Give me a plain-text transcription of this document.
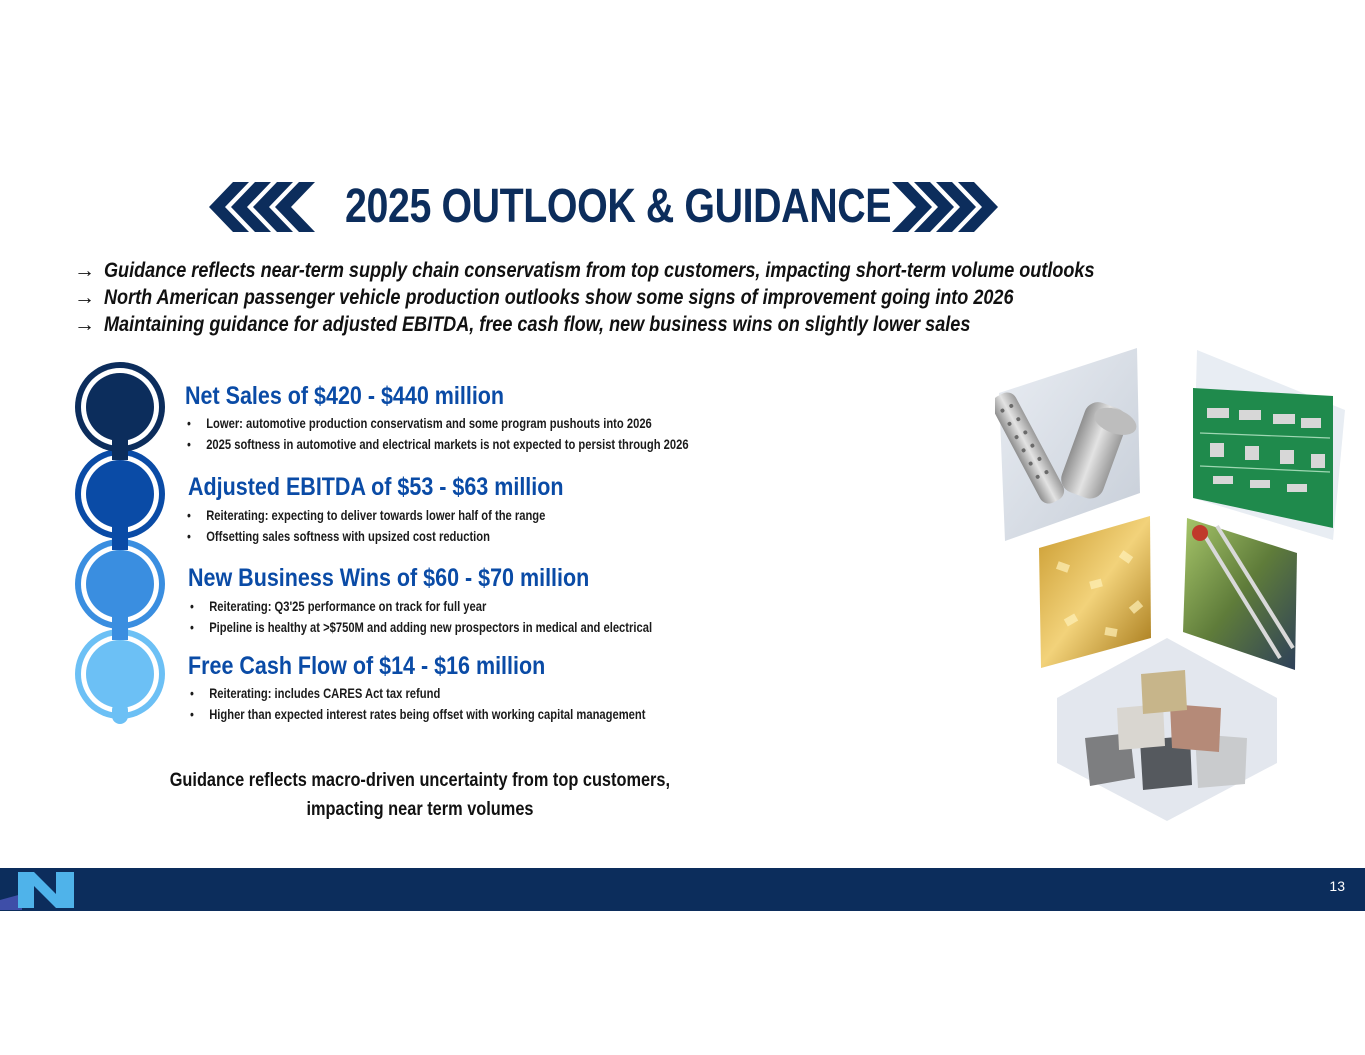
2025 OUTLOOK & GUIDANCE
→ Guidance reflects near-term supply chain conservatism from top customers, impacting short-term volume outlooks
→ North American passenger vehicle production outlooks show some signs of improvement going into 2026
→ Maintaining guidance for adjusted EBITDA, free cash flow, new business wins on slightly lower sales
Net Sales of $420 - $440 million
• Lower: automotive production conservatism and some program pushouts into 2026
• 2025 softness in automotive and electrical markets is not expected to persist through 2026
Adjusted EBITDA of $53 - $63 million
• Reiterating: expecting to deliver towards lower half of the range
• Offsetting sales softness with upsized cost reduction
New Business Wins of $60 - $70 million
• Reiterating: Q3'25 performance on track for full year
• Pipeline is healthy at >$750M and adding new prospectors in medical and electrical
Free Cash Flow of $14 - $16 million
• Reiterating: includes CARES Act tax refund
• Higher than expected interest rates being offset with working capital management
Guidance reflects macro-driven uncertainty from top customers,
impacting near term volumes
13
